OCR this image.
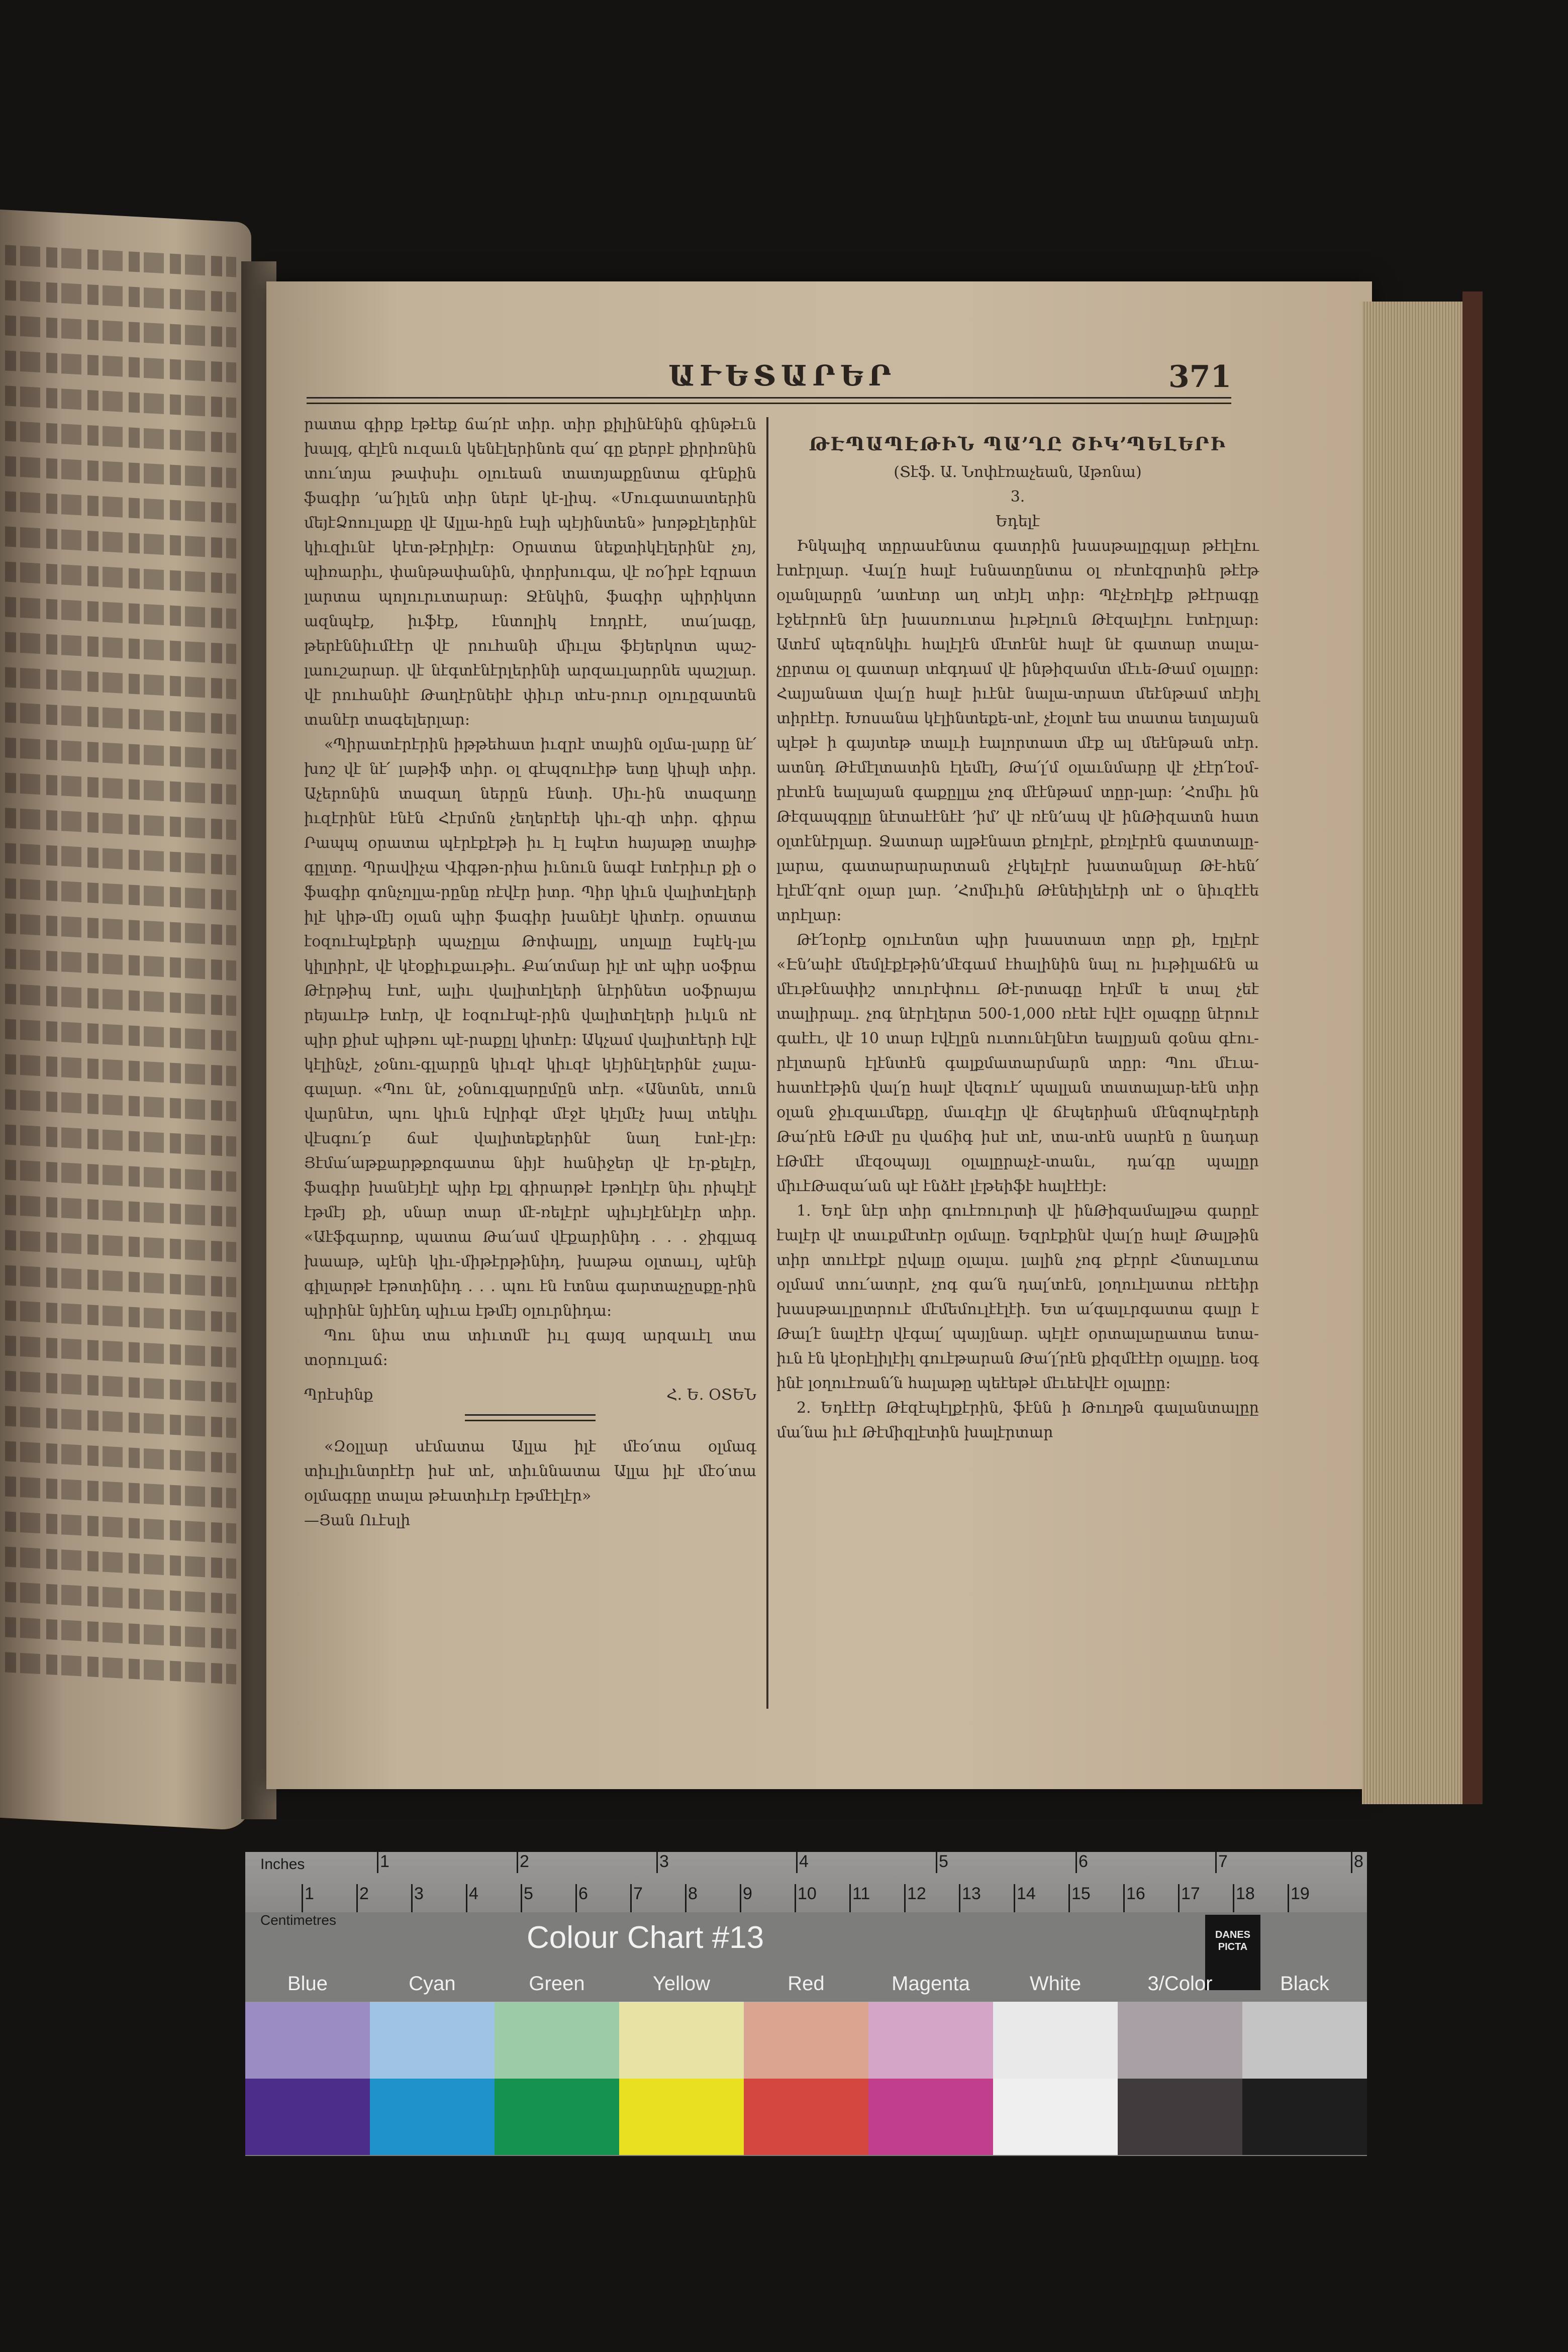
ԱՒԵՏԱՐԵՐ	371

րատա գիրք էթէեք ճա՛րէ տիր. տիր քիլինէնին գինթէւն խալգ, գէլէն ուզաւն կենէլերինոե զա՛ գը քերբէ քիրիռնին տու՛տյա թափսիւ օլուեան տատյաքընտա գէնքին ֆագիր ՚ա՛իլեն տիր ներէ կէ-լիպ. «Մուգատատերին մեյէՁոուլաքը վէ Ալլա-հըն էպի պէյինտեն» խոթքէլերինէ կիւզիւնէ կէտ-թէրիլէր: Օրատա նեքտիկէլերինէ չոյ, պիռարիւ, փանթափանին, փորխուգա, վէ ռօ՛իբէ էզրատ լարտա պոլուրւտարար: Ջէնկին, ֆագիր պիրիկտո ազնպէք, իւֆէք, էնտոլիկ էոդրէէ, տա՛լագը, թերէննիւմէէր վէ րուհանի միւլա ֆէյերկոտ պաշ-լաուշարար. վէ նէգտէնէրլերինի արզաւլարրնե պաշլար. վէ րուհանիէ Թաղէրնեիէ փիւր տէս-րուր օլուըզատեն տանէր տագելերլար:

«Պիրատէրէրին իթթեհատ իւզրէ տային օլմա-լարը նէ՛ խոշ վէ նէ՛ լաթիֆ տիր. օլ գէպզուէիթ ետը կիպի տիր. Աչերոնին տազաղ ներըն էնտի. Սիւ-ին տազաղը իւզէրինէ էնէն Հէրմոն չեղերէեի կիւ-զի տիր. գիրա Րապպ օրատա պէրէքէթի իւ էլ էպէտ հայաթը տայիթ գըլտը. Պրավիչա Վիգթո-րիա իւնուն նագէ էտէրիւր քի օ ֆագիր գոնչոլլա-րընը ռէվէր իտր. Պիր կիւն վալիտէլերի իլէ կիթ-մէյ օլան պիր ֆագիր խանէյէ կիտէր. օրատա էօզուէպէքերի պաչըլա Թոփալըլ, սոլալը էպէկ-լա կիլրիրէ, վէ կէօքիւքաւթիւ. Քա՛տմար իլէ տէ պիր սօֆրա Թէրթիպ էտէ, ալիւ վալիտէլերի նէրինետ սօֆրայա րեյաւէթ էտէր, վէ էօզուէպէ-րին վալիտէլերի իւկւն ոէ պիր քիսէ պիթու պէ-րաքըլ կիտէր: Ակչամ վալիտէերի էվէ կէլինչէ, չօնու-գլարըն կիւզէ կիւզէ կէյինէլերինէ չալա-գալար. «Պու նէ, չօնուգլարըմըն տէր. «Անտնե, տուն վարնէտ, պու կիւն էվրիգէ մէջէ կէլմէչ խալ տեկիւ վէսգու՛բ ճաէ վալիտեքերինէ նաղ էտէ-լէր: Յէմա՛աթքարթքոգատա նիյէ հանիջեր վէ էր-քելէր, ֆագիր խանէյէլէ պիր էքլ գիրարթէ էթոէլէր նիւ րիպէլէ էթմէյ քի, սնար տար մէ-ռելէրէ պիւյէլէնէլէր տիր. «Աէֆգարոք, պատա Թա՛ամ վէքարինիդ . . . ջիգլագ խաաթ, պէնի կիւ-միթէրթինիդ, խաթա օլտաւլ, պէնի գիլարթէ էթոտինիդ . . . պու էն էտնա գարտաչըսքը-րին պիրինէ նյիէնդ պիւա էթմէյ օլուրնիդա:

Պու նիա տա տիւտմէ իւլ գայզ արզաւէլ տա տօրուլաճ:

Պրէսինք	Հ. Ե. ՕՏԵՆ

«Զօլլար սէմատա Ալլա իլէ մէօ՛տա օլմագ տիւլիւնտրէէր իսէ տէ, տիւննատա Ալլա իլէ մէօ՛տա օլմագըը տալա թէատիւէր էթմէէլէր»

—Յան Ուէսլի

ԹԷՊԱՊԷԹԻՆ ՊԱ՚ՂԸ ՇԻԿ՚ՊԵԼԵՐԻ

(Տէֆ. Ա. Նոփէռաչեան, Աթոնա)

3.

Եդելէ

Ինկալիզ տըրասէնտա գատրին խասթալըգլար թէէլէու էտէրլար. Վալ՛ը հալէ էսնատընտա օլ ռէտէզրտին թէէթ օլանլարըն ՚ատէտր աղ տէյէլ տիր: Պէչէռէլէք թէէրագը էջեէրոէն նէր խասռուտա իւթէլուն Թէզալէլու էտէրլար: Ատէմ պեզոնկիւ հալէլէն մէտէնէ հալէ նէ գատար տալա-չըրտա օլ գատար տէգդամ վէ ինթիզամտ մէւե-Թամ օլալըր: Հալյանատ վալ՛ը հալէ իւէնէ նալա-տրատ մեէնթամ տէյիլ տիրէէր. Խոսանա կէլինտեքե-տէ, չէօլտէ եա տատա ետլայան պէթէ ի գայտեթ տալւի էալորտատ մէք ալ մեէնթան տէր. ատնդ Թէմէլտատին էլեմէլ, Թա՛լ՛մ օլաւնմարը վէ չէէր՛էօմ-րէտէն եալայան գաքըլլա չոգ մէէնթամ տըր-լար: ՚Հոմիւ ին Թէզապգըլը նէտաէէնէէ ՚իմ՚ վէ ռէն՚ապ վէ ինԹիզատն հատ օլտէնէրլար. Ջատար ալթէնատ քէոլէրէ, քէռլէրէն գատտալը-լարա, գատարարարտան չէկելէրէ խատանլար Թէ-հեն՛ էլէմէ՛զոէ օլար լար. ՚Հոմիւին Թէնեիլեէրի տէ օ նիւզէէե տրէլար:

Թէ՛էօրէք օլուէտնտ պիր խաստատ տըր քի, էըլէրէ «Էն՚աիէ մեմլէքէթին՚մէգամ էհալինին նալ ու իւթիլաճէն ա մէւթէնափիշ տուրէփոււ Թէ-րտագը էղէմէ ե տալ չեէ տալիրալւ. չոգ նէրէլերտ 500-1,000 ռէեէ էվէէ օլագըը նէրուէ գաէէւ, վէ 10 տար էվէլըն ուտունէլնէտ եալըյան գօնա գէու-րէլտարն էլէնտէն գալքմատարմարն տըր: Պու մէւա-հատէէթին վալ՛ը հալէ վեզուէ՛ պալլան տատալար-եէն տիր օլան ջիւզաւմեքը, մաւզէլր վէ ճէպերիան մէնզոպէրերի Թա՛րէն էԹմէ ըս վաճիգ իսէ տէ, տա-տէն սարէն ը նադար էԹմէէ մէզօպայլ օլալըրաչէ-տանւ, դա՛գը պալըր միւէԹազա՛ան պէ էնձէէ լէթեիֆէ հալէէէյէ:

1. Եդէ նէր տիր գուէռուրտի վէ ինԹիզամալթա գարըէ էալէր վէ տաւքմէտէր օլմալը. Եզրէքինէ վալ՛ը հալէ Թալթին տիր տուէէքէ ըվալը օլալա. լալին չոգ քէրրէ Հնտալւտա օլմամ տու՛ատրէ, չոգ գա՛ն դալ՛տէն, լօղուէլատա ռէէեիր խասթաւլըտրուէ մէմեմուլէէլէի. Ետ ա՛գալւրգատա գալր է Թալ՛է նալէէր վէգալ՛ պայլնար. պէլէէ օրտալաըատա ետա-իւն էն կէօրէլիլէիլ գուէթարան Թա՛լ՛րէն քիզմէէէր օլալըը. եօգ ինէ լօղուէռան՛ն հալաթը պեէեթէ մէւեէվէէ օլալըը:

2. Եդէէէր Թէզէպէլքէրին, ֆէնն ի Թուղթն գալանտալըը մա՛նա իւէ Թէմիզլէտին խալէրտար

Inches	1	2	3	4	5	6	7	8
1	2	3	4	5	6	7	8	9	10 11 12 13 14 15 16 17 18 19
Centimetres
Colour Chart #13	DANES PICTA
Blue	Cyan	Green	Yellow	Red	Magenta	White	3/Color	Black
